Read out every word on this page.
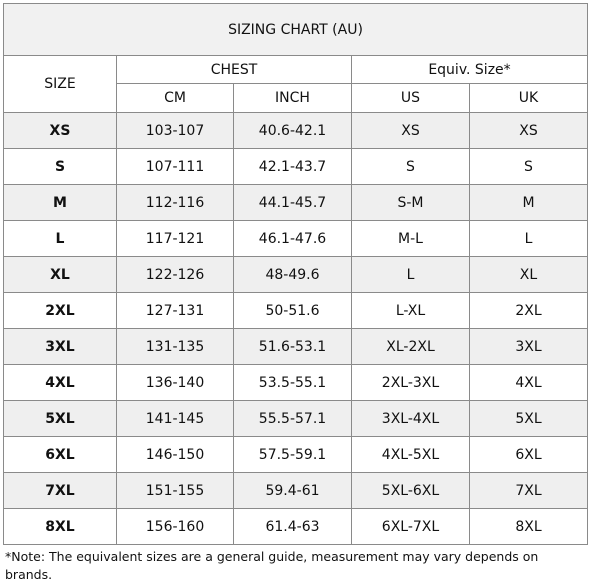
SIZING CHART (AU)				
SIZE	CHEST		Equiv. Size*	
	CM	INCH	US	UK
XS	103-107	40.6-42.1	XS	XS
S	107-111	42.1-43.7	S	S
M	112-116	44.1-45.7	S-M	M
L	117-121	46.1-47.6	M-L	L
XL	122-126	48-49.6	L	XL
2XL	127-131	50-51.6	L-XL	2XL
3XL	131-135	51.6-53.1	XL-2XL	3XL
4XL	136-140	53.5-55.1	2XL-3XL	4XL
5XL	141-145	55.5-57.1	3XL-4XL	5XL
6XL	146-150	57.5-59.1	4XL-5XL	6XL
7XL	151-155	59.4-61	5XL-6XL	7XL
8XL	156-160	61.4-63	6XL-7XL	8XL
*Note: The equivalent sizes are a general guide, measurement may vary depends on brands.
